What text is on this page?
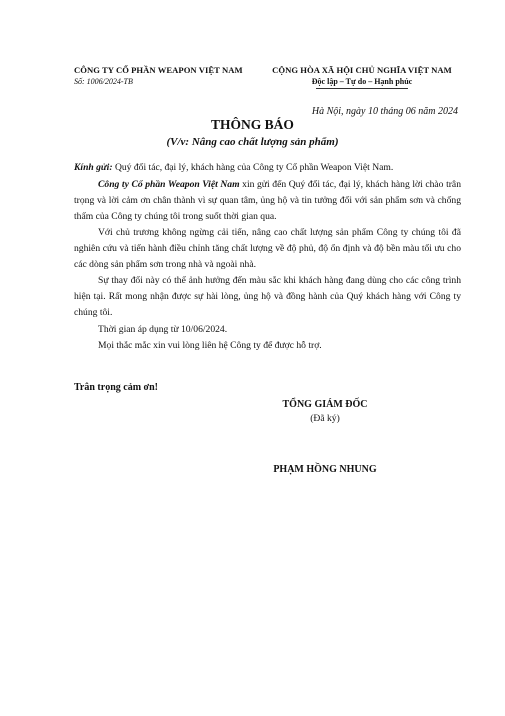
CÔNG TY CỔ PHẦN WEAPON VIỆT NAM
Số: 1006/2024-TB
CỘNG HÒA XÃ HỘI CHỦ NGHĨA VIỆT NAM
Độc lập – Tự do – Hạnh phúc
Hà Nội, ngày 10 tháng 06 năm 2024
THÔNG BÁO
(V/v: Nâng cao chất lượng sản phẩm)
Kính gửi: Quý đối tác, đại lý, khách hàng của Công ty Cổ phần Weapon Việt Nam.
Công ty Cổ phần Weapon Việt Nam xin gửi đến Quý đối tác, đại lý, khách hàng lời chào trân trọng và lời cảm ơn chân thành vì sự quan tâm, ủng hộ và tin tưởng đối với sản phẩm sơn và chống thấm của Công ty chúng tôi trong suốt thời gian qua.
Với chủ trương không ngừng cải tiến, nâng cao chất lượng sản phẩm Công ty chúng tôi đã nghiên cứu và tiến hành điều chỉnh tăng chất lượng về độ phủ, độ ổn định và độ bền màu tối ưu cho các dòng sản phẩm sơn trong nhà và ngoài nhà.
Sự thay đổi này có thể ảnh hưởng đến màu sắc khi khách hàng đang dùng cho các công trình hiện tại. Rất mong nhận được sự hài lòng, ủng hộ và đồng hành của Quý khách hàng với Công ty chúng tôi.
Thời gian áp dụng từ 10/06/2024.
Mọi thắc mắc xin vui lòng liên hệ Công ty để được hỗ trợ.
Trân trọng cảm ơn!
TỔNG GIÁM ĐỐC
(Đã ký)
PHẠM HỒNG NHUNG
